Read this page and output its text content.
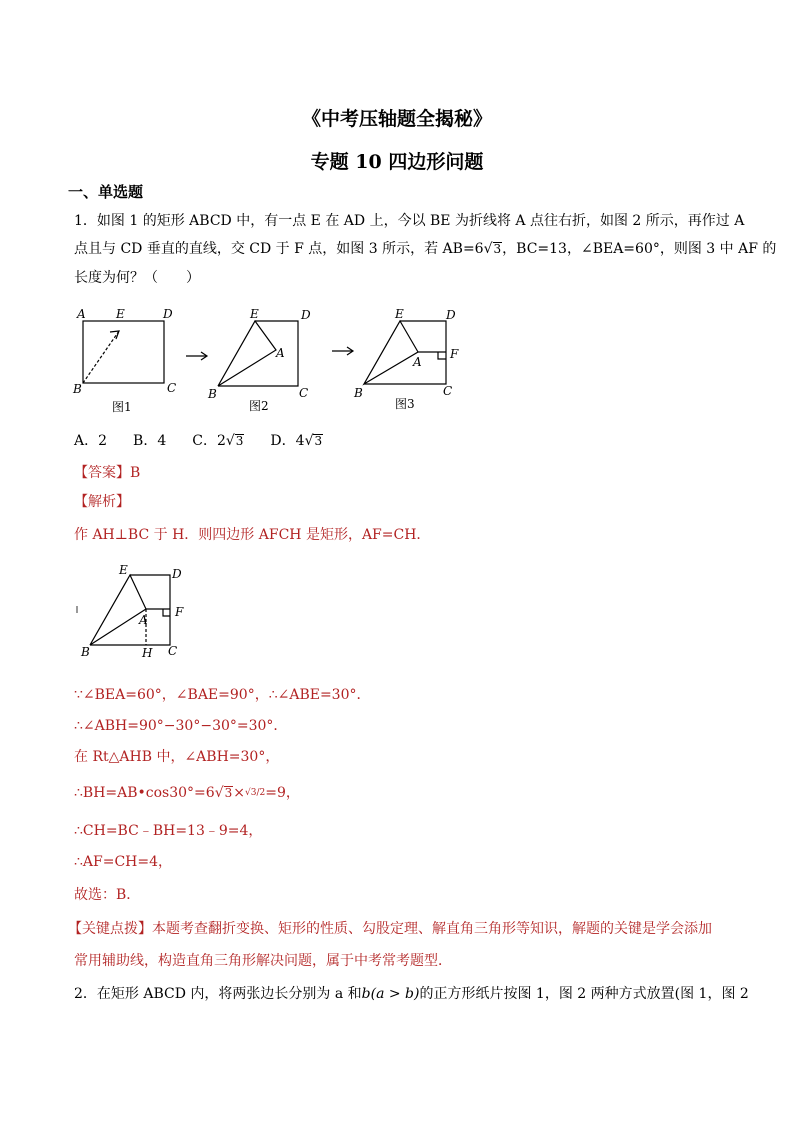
《中考压轴题全揭秘》
专题 10 四边形问题
一、单选题
1．如图 1 的矩形 ABCD 中，有一点 E 在 AD 上，今以 BE 为折线将 A 点往右折，如图 2 所示，再作过 A
点且与 CD 垂直的直线，交 CD 于 F 点，如图 3 所示，若 AB=6√3，BC=13，∠BEA=60°，则图 3 中 AF 的
长度为何？（　　）
A	E	D
B	C
E	D
A
B	C
E	D
F
A
B	C
图1	图2	图3
A．2 B．4 C．2√3 D．4√3
【答案】B
【解析】
作 AH⊥BC 于 H．则四边形 AFCH 是矩形，AF=CH．
E	D
F
A
B	H C
∵∠BEA=60°，∠BAE=90°，∴∠ABE=30°．
∴∠ABH=90°−30°−30°=30°．
在 Rt△AHB 中，∠ABH=30°，
∴BH=AB•cos30°=6√3×√3/2=9，
∴CH=BC﹣BH=13﹣9=4，
∴AF=CH=4，
故选：B．
【关键点拨】本题考查翻折变换、矩形的性质、勾股定理、解直角三角形等知识，解题的关键是学会添加
常用辅助线，构造直角三角形解决问题，属于中考常考题型．
2．在矩形 ABCD 内，将两张边长分别为 a 和b(a > b)的正方形纸片按图 1，图 2 两种方式放置(图 1，图 2
